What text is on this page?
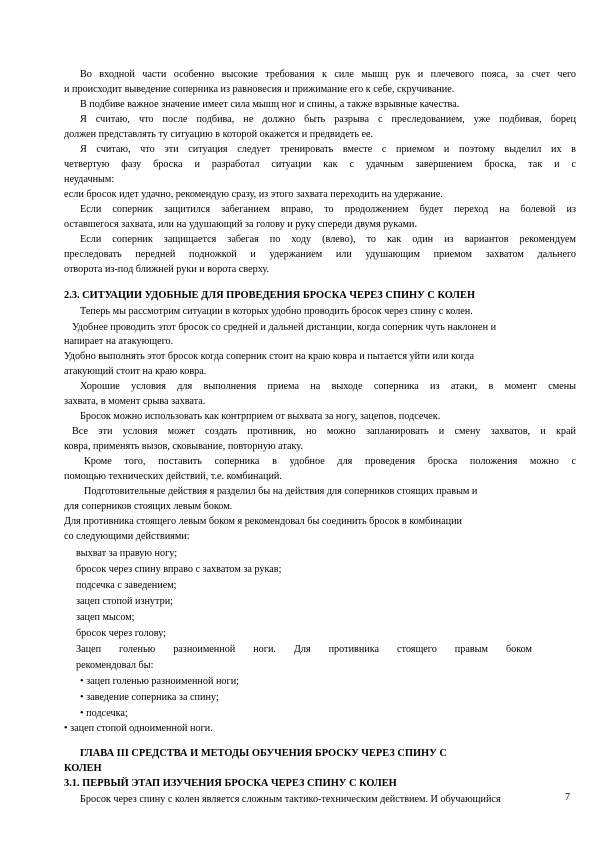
Во входной части особенно высокие требования к силе мышц рук и плечевого пояса, за счет чего
и происходит выведение соперника из равновесия и прижимание его к себе, скручивание.
В подбиве важное значение имеет сила мышц ног и спины, а также взрывные качества.
Я считаю, что после подбива, не должно быть разрыва с преследованием, уже подбивая, борец
должен представлять ту ситуацию в которой окажется и предвидеть ее.
Я считаю, что эти ситуация следует тренировать вместе с приемом и поэтому выделил их в
четвертую фазу броска и разработал ситуации как с удачным завершением броска, так и с
неудачным:
если бросок идет удачно, рекомендую сразу, из этого захвата переходить на удержание.
Если соперник защитился забеганием вправо, то продолжением будет переход на болевой из
оставшегося захвата, или на удушающий за голову и руку спереди двумя руками.
Если соперник защищается забегая по ходу (влево), то как один из вариантов рекомендуем
преследовать передней подножкой и удержанием или удушающим приемом захватом дальнего
отворота из-под ближней руки и ворота сверху.
2.3. СИТУАЦИИ УДОБНЫЕ ДЛЯ ПРОВЕДЕНИЯ БРОСКА ЧЕРЕЗ СПИНУ С КОЛЕН
Теперь мы рассмотрим ситуации в которых удобно проводить бросок через спину с колен.
Удобнее проводить этот бросок со средней и дальней дистанции, когда соперник чуть наклонен и
напирает на атакующего.
Удобно выполнять этот бросок когда соперник стоит на краю ковра и пытается уйти или когда
атакующий стоит на краю ковра.
Хорошие условия для выполнения приема на выходе соперника из атаки, в момент смены
захвата, в момент срыва захвата.
Бросок можно использовать как контрприем от выхвата за ногу, зацепов, подсечек.
Все эти условия может создать противник, но можно запланировать и смену захватов, и край
ковра, применять вызов, сковывание, повторную атаку.
Кроме того, поставить соперника в удобное для проведения броска положения можно с
помощью технических действий, т.е. комбинаций.
Подготовительные действия я разделил бы на действия для соперников стоящих правым и
для соперников стоящих левым боком.
Для противника стоящего левым боком я рекомендовал бы соединить бросок в комбинации
со следующими действиями:
выхват за правую ногу;
бросок через спину вправо с захватом за рукав;
подсечка с заведением;
зацеп стопой изнутри;
зацеп мысом;
бросок через голову;
Зацеп голенью разноименной ноги. Для противника стоящего правым боком
рекомендовал бы:
• зацеп голенью разноименной ноги;
• заведение соперника за спину;
• подсечка;
• зацеп стопой одноименной ноги.
ГЛАВА III СРЕДСТВА И МЕТОДЫ ОБУЧЕНИЯ БРОСКУ ЧЕРЕЗ СПИНУ С
КОЛЕН
3.1. ПЕРВЫЙ ЭТАП ИЗУЧЕНИЯ БРОСКА ЧЕРЕЗ СПИНУ С КОЛЕН
Бросок через спину с колен является сложным тактико-техническим действием. И обучающийся	7
